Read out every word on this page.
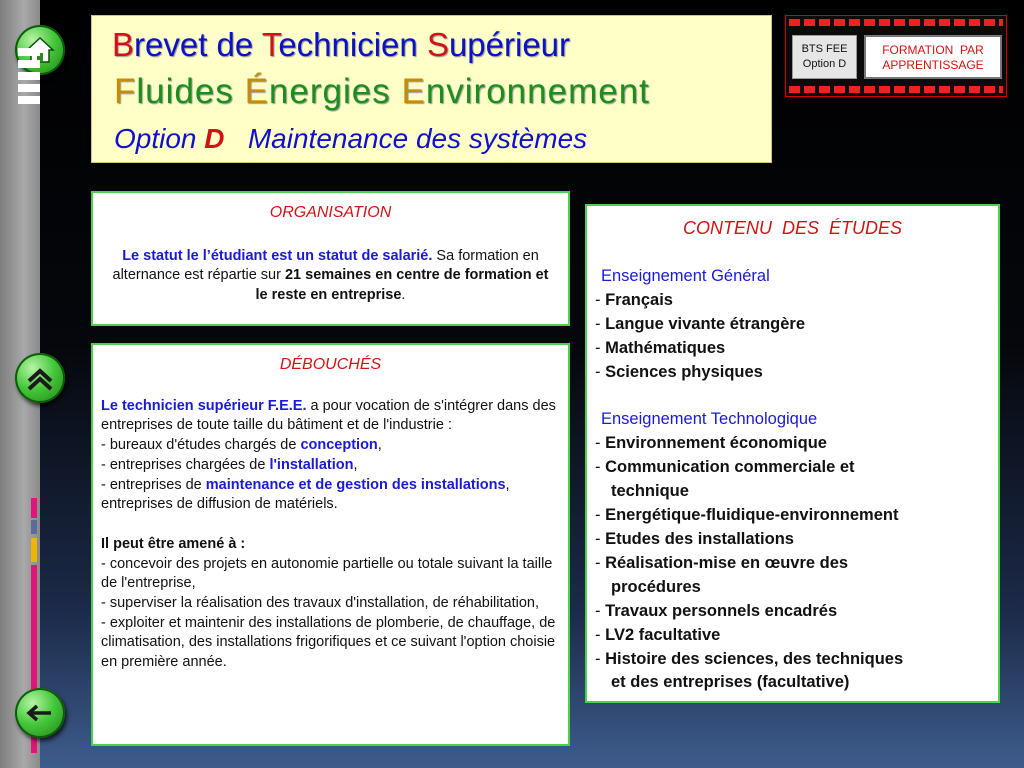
Brevet de Technicien Supérieur
Fluides Énergies Environnement
Option D   Maintenance des systèmes
BTS FEE
Option D
FORMATION  PAR
APPRENTISSAGE
ORGANISATION
Le statut le l’étudiant est un statut de salarié. Sa formation en alternance est répartie sur 21 semaines en centre de formation et le reste en entreprise.
DÉBOUCHÉS
Le technicien supérieur F.E.E. a pour vocation de s'intégrer dans des entreprises de toute taille du bâtiment et de l'industrie :
- bureaux d'études chargés de conception,
- entreprises chargées de l'installation,
- entreprises de maintenance et de gestion des installations, entreprises de diffusion de matériels.
Il peut être amené à :
- concevoir des projets en autonomie partielle ou totale suivant la taille de l'entreprise,
- superviser la réalisation des travaux d'installation, de réhabilitation,
- exploiter et maintenir des installations de plomberie, de chauffage, de climatisation, des installations frigorifiques et ce suivant l'option choisie en première année.
CONTENU  DES  ÉTUDES
Enseignement Général
- Français
- Langue vivante étrangère
- Mathématiques
- Sciences physiques
Enseignement Technologique
- Environnement économique
- Communication commerciale et
technique
- Energétique-fluidique-environnement
- Etudes des installations
- Réalisation-mise en œuvre des
procédures
- Travaux personnels encadrés
- LV2 facultative
- Histoire des sciences, des techniques
et des entreprises (facultative)
